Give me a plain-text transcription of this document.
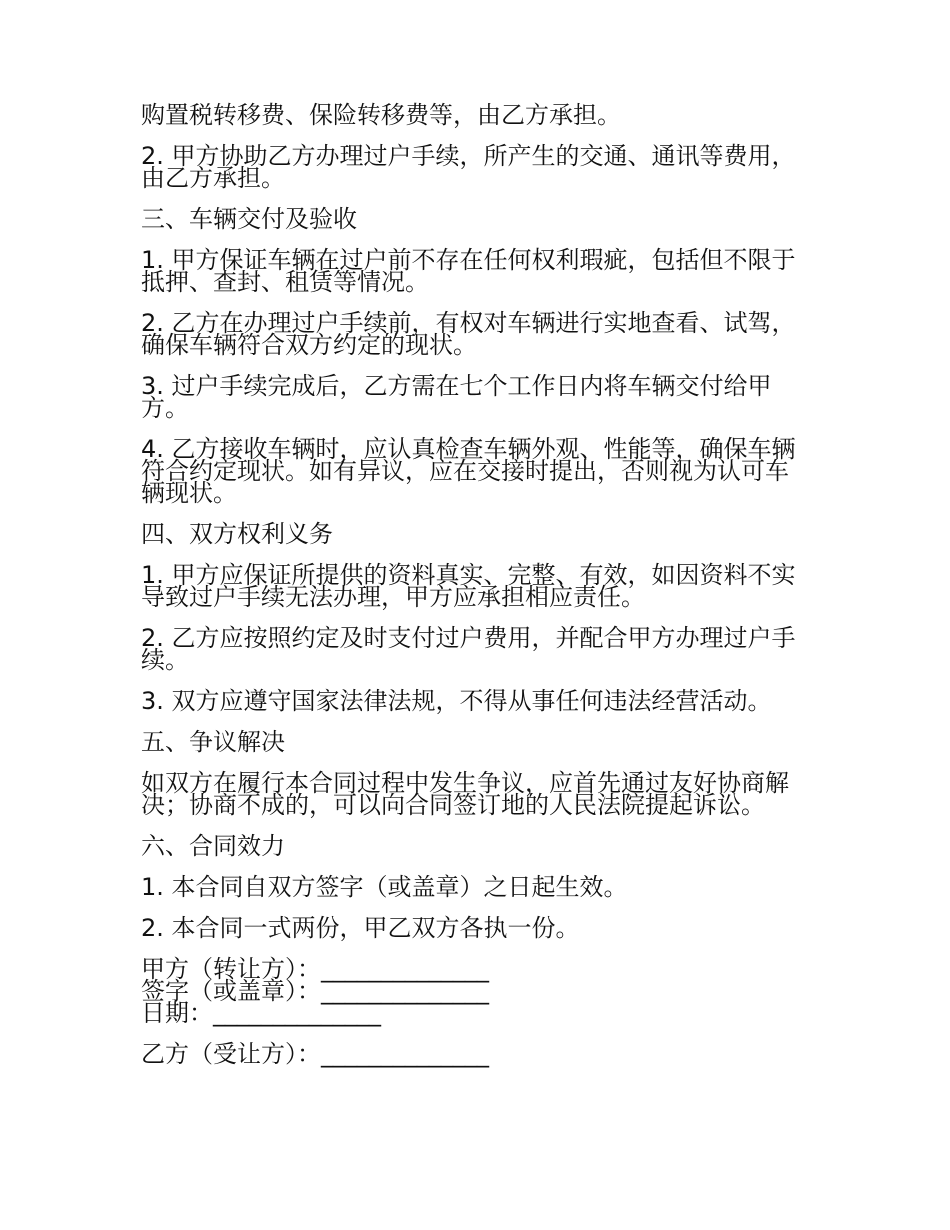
购置税转移费、保险转移费等，由乙方承担。

2. 甲方协助乙方办理过户手续，所产生的交通、通讯等费用，由乙方承担。

三、车辆交付及验收

1. 甲方保证车辆在过户前不存在任何权利瑕疵，包括但不限于抵押、查封、租赁等情况。

2. 乙方在办理过户手续前，有权对车辆进行实地查看、试驾，确保车辆符合双方约定的现状。

3. 过户手续完成后，乙方需在七个工作日内将车辆交付给甲方。

4. 乙方接收车辆时，应认真检查车辆外观、性能等，确保车辆符合约定现状。如有异议，应在交接时提出，否则视为认可车辆现状。

四、双方权利义务

1. 甲方应保证所提供的资料真实、完整、有效，如因资料不实导致过户手续无法办理，甲方应承担相应责任。

2. 乙方应按照约定及时支付过户费用，并配合甲方办理过户手续。

3. 双方应遵守国家法律法规，不得从事任何违法经营活动。

五、争议解决

如双方在履行本合同过程中发生争议，应首先通过友好协商解决；协商不成的，可以向合同签订地的人民法院提起诉讼。

六、合同效力

1. 本合同自双方签字（或盖章）之日起生效。

2. 本合同一式两份，甲乙双方各执一份。

甲方（转让方）：______________

签字（或盖章）：______________

日期：______________

乙方（受让方）：______________
